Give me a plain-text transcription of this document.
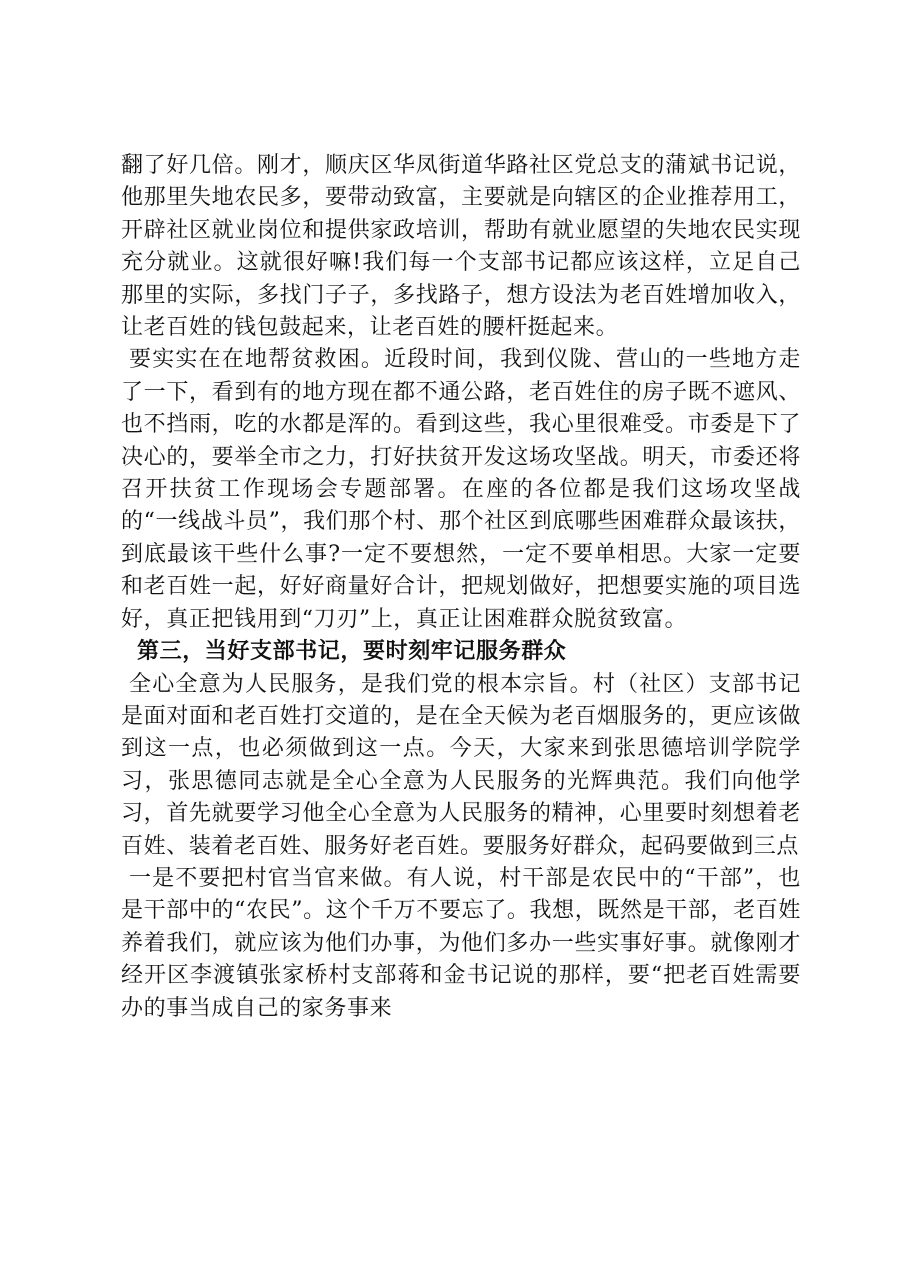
翻了好几倍。刚才，顺庆区华凤街道华路社区党总支的蒲斌书记说，他那里失地农民多，要带动致富，主要就是向辖区的企业推荐用工，开辟社区就业岗位和提供家政培训，帮助有就业愿望的失地农民实现充分就业。这就很好嘛!我们每一个支部书记都应该这样，立足自己那里的实际，多找门子子，多找路子，想方设法为老百姓增加收入，让老百姓的钱包鼓起来，让老百姓的腰杆挺起来。

要实实在在地帮贫救困。近段时间，我到仪陇、营山的一些地方走了一下，看到有的地方现在都不通公路，老百姓住的房子既不遮风、也不挡雨，吃的水都是浑的。看到这些，我心里很难受。市委是下了决心的，要举全市之力，打好扶贫开发这场攻坚战。明天，市委还将召开扶贫工作现场会专题部署。在座的各位都是我们这场攻坚战的“一线战斗员”，我们那个村、那个社区到底哪些困难群众最该扶，到底最该干些什么事?一定不要想然，一定不要单相思。大家一定要和老百姓一起，好好商量好合计，把规划做好，把想要实施的项目选好，真正把钱用到“刀刃”上，真正让困难群众脱贫致富。

第三，当好支部书记，要时刻牢记服务群众

全心全意为人民服务，是我们党的根本宗旨。村（社区）支部书记是面对面和老百姓打交道的，是在全天候为老百烟服务的，更应该做到这一点，也必须做到这一点。今天，大家来到张思德培训学院学习，张思德同志就是全心全意为人民服务的光辉典范。我们向他学习，首先就要学习他全心全意为人民服务的精神，心里要时刻想着老百姓、装着老百姓、服务好老百姓。要服务好群众，起码要做到三点

一是不要把村官当官来做。有人说，村干部是农民中的“干部”，也是干部中的“农民”。这个千万不要忘了。我想，既然是干部，老百姓养着我们，就应该为他们办事，为他们多办一些实事好事。就像刚才经开区李渡镇张家桥村支部蒋和金书记说的那样，要“把老百姓需要办的事当成自己的家务事来
